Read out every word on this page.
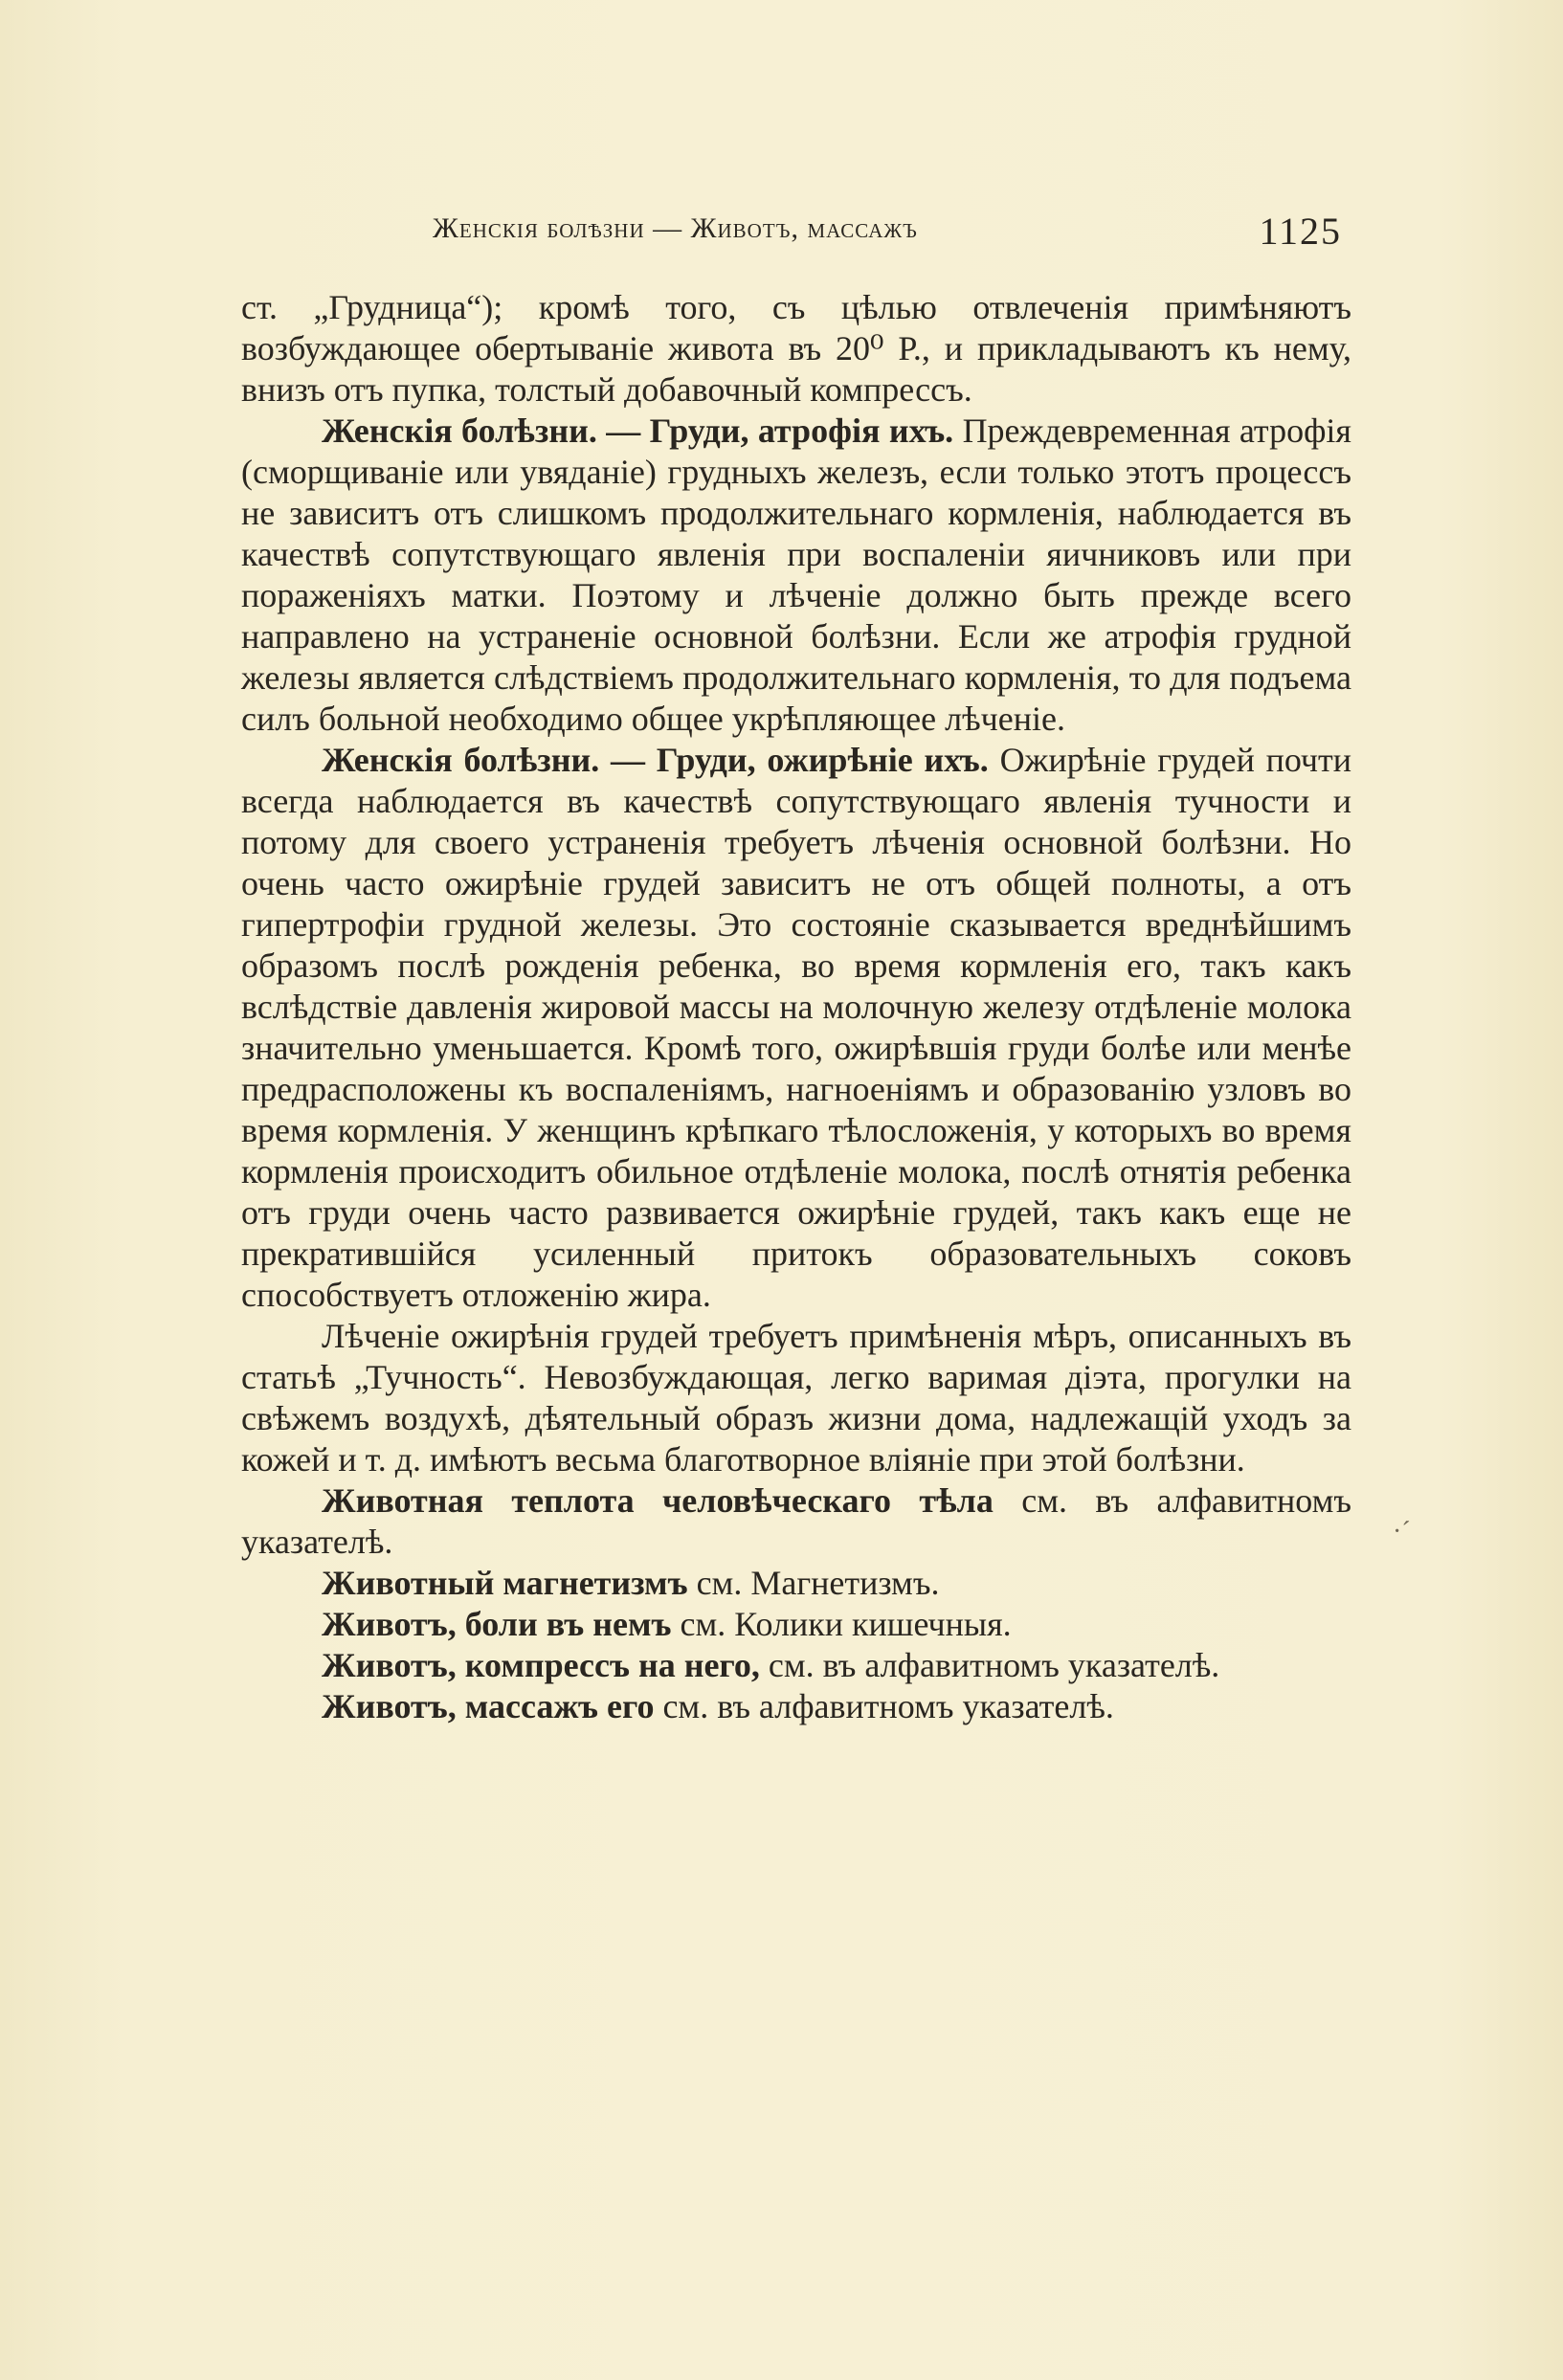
Женскія болѣзни — Животъ, массажъ	1125

ст. „Грудница“); кромѣ того, съ цѣлью отвлеченія примѣняютъ возбуждающее обертываніе живота въ 20⁰ Р., и прикладываютъ къ нему, внизъ отъ пупка, толстый добавочный компрессъ.

Женскія болѣзни. — Груди, атрофія ихъ. Преждевременная атрофія (сморщиваніе или увяданіе) грудныхъ железъ, если только этотъ процессъ не зависитъ отъ слишкомъ продолжительнаго кормленія, наблюдается въ качествѣ сопутствующаго явленія при воспаленіи яичниковъ или при пораженіяхъ матки. Поэтому и лѣченіе должно быть прежде всего направлено на устраненіе основной болѣзни. Если же атрофія грудной железы является слѣдствіемъ продолжительнаго кормленія, то для подъема силъ больной необходимо общее укрѣпляющее лѣченіе.

Женскія болѣзни. — Груди, ожирѣніе ихъ. Ожирѣніе грудей почти всегда наблюдается въ качествѣ сопутствующаго явленія тучности и потому для своего устраненія требуетъ лѣченія основной болѣзни. Но очень часто ожирѣніе грудей зависитъ не отъ общей полноты, а отъ гипертрофіи грудной железы. Это состояніе сказывается вреднѣйшимъ образомъ послѣ рожденія ребенка, во время кормленія его, такъ какъ вслѣдствіе давленія жировой массы на молочную железу отдѣленіе молока значительно уменьшается. Кромѣ того, ожирѣвшія груди болѣе или менѣе предрасположены къ воспаленіямъ, нагноеніямъ и образованію узловъ во время кормленія. У женщинъ крѣпкаго тѣлосложенія, у которыхъ во время кормленія происходитъ обильное отдѣленіе молока, послѣ отнятія ребенка отъ груди очень часто развивается ожирѣніе грудей, такъ какъ еще не прекратившійся усиленный притокъ образовательныхъ соковъ способствуетъ отложенію жира.

Лѣченіе ожирѣнія грудей требуетъ примѣненія мѣръ, описанныхъ въ статьѣ „Тучность“. Невозбуждающая, легко варимая діэта, прогулки на свѣжемъ воздухѣ, дѣятельный образъ жизни дома, надлежащій уходъ за кожей и т. д. имѣютъ весьма благотворное вліяніе при этой болѣзни.

Животная теплота человѣческаго тѣла см. въ алфавитномъ указателѣ.

Животный магнетизмъ см. Магнетизмъ.

Животъ, боли въ немъ см. Колики кишечныя.

Животъ, компрессъ на него, см. въ алфавитномъ указателѣ.

Животъ, массажъ его см. въ алфавитномъ указателѣ.

·ˊ
